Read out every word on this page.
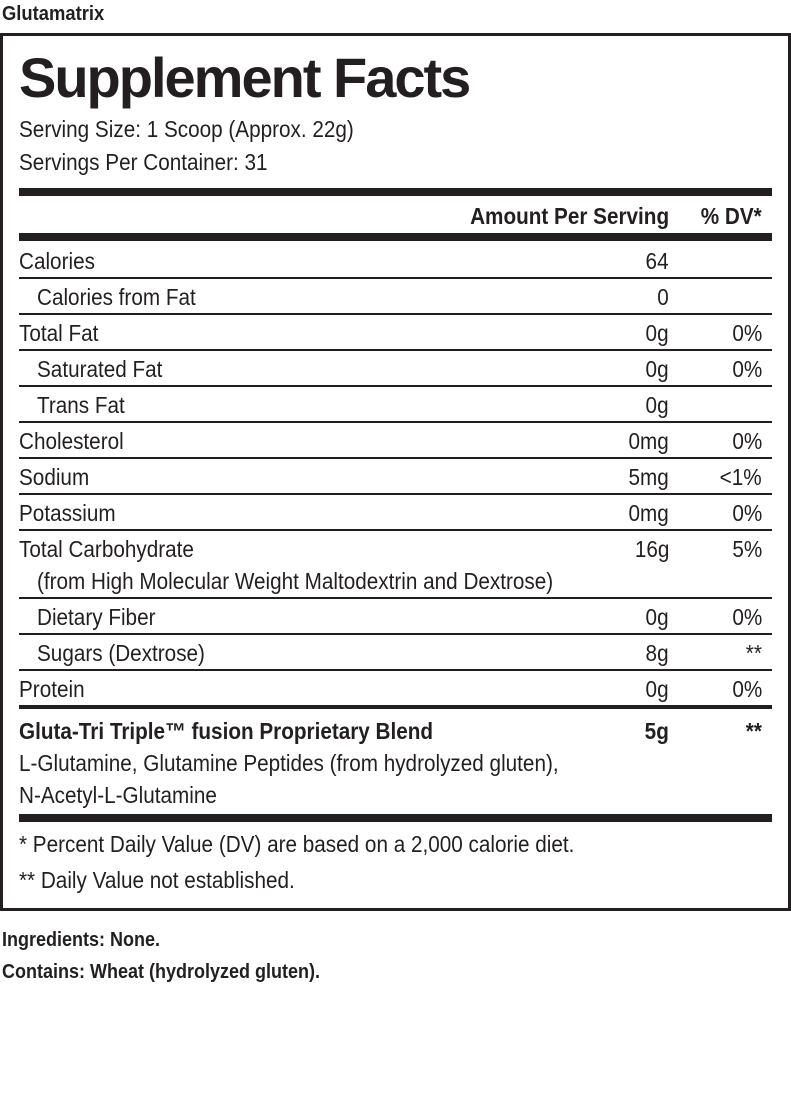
Glutamatrix
Supplement Facts
Serving Size: 1 Scoop (Approx. 22g)
Servings Per Container: 31
Amount Per Serving % DV*
Calories	64
Calories from Fat	0
Total Fat	0g	0%
Saturated Fat	0g	0%
Trans Fat	0g
Cholesterol	0mg	0%
Sodium	5mg <1%
Potassium	0mg	0%
Total Carbohydrate	16g	5%
(from High Molecular Weight Maltodextrin and Dextrose)
Dietary Fiber	0g	0%
Sugars (Dextrose)	8g	**
Protein	0g	0%
Gluta-Tri Triple™ fusion Proprietary Blend	5g	**
L-Glutamine, Glutamine Peptides (from hydrolyzed gluten),
N-Acetyl-L-Glutamine
* Percent Daily Value (DV) are based on a 2,000 calorie diet.
** Daily Value not established.
Ingredients: None.
Contains: Wheat (hydrolyzed gluten).
